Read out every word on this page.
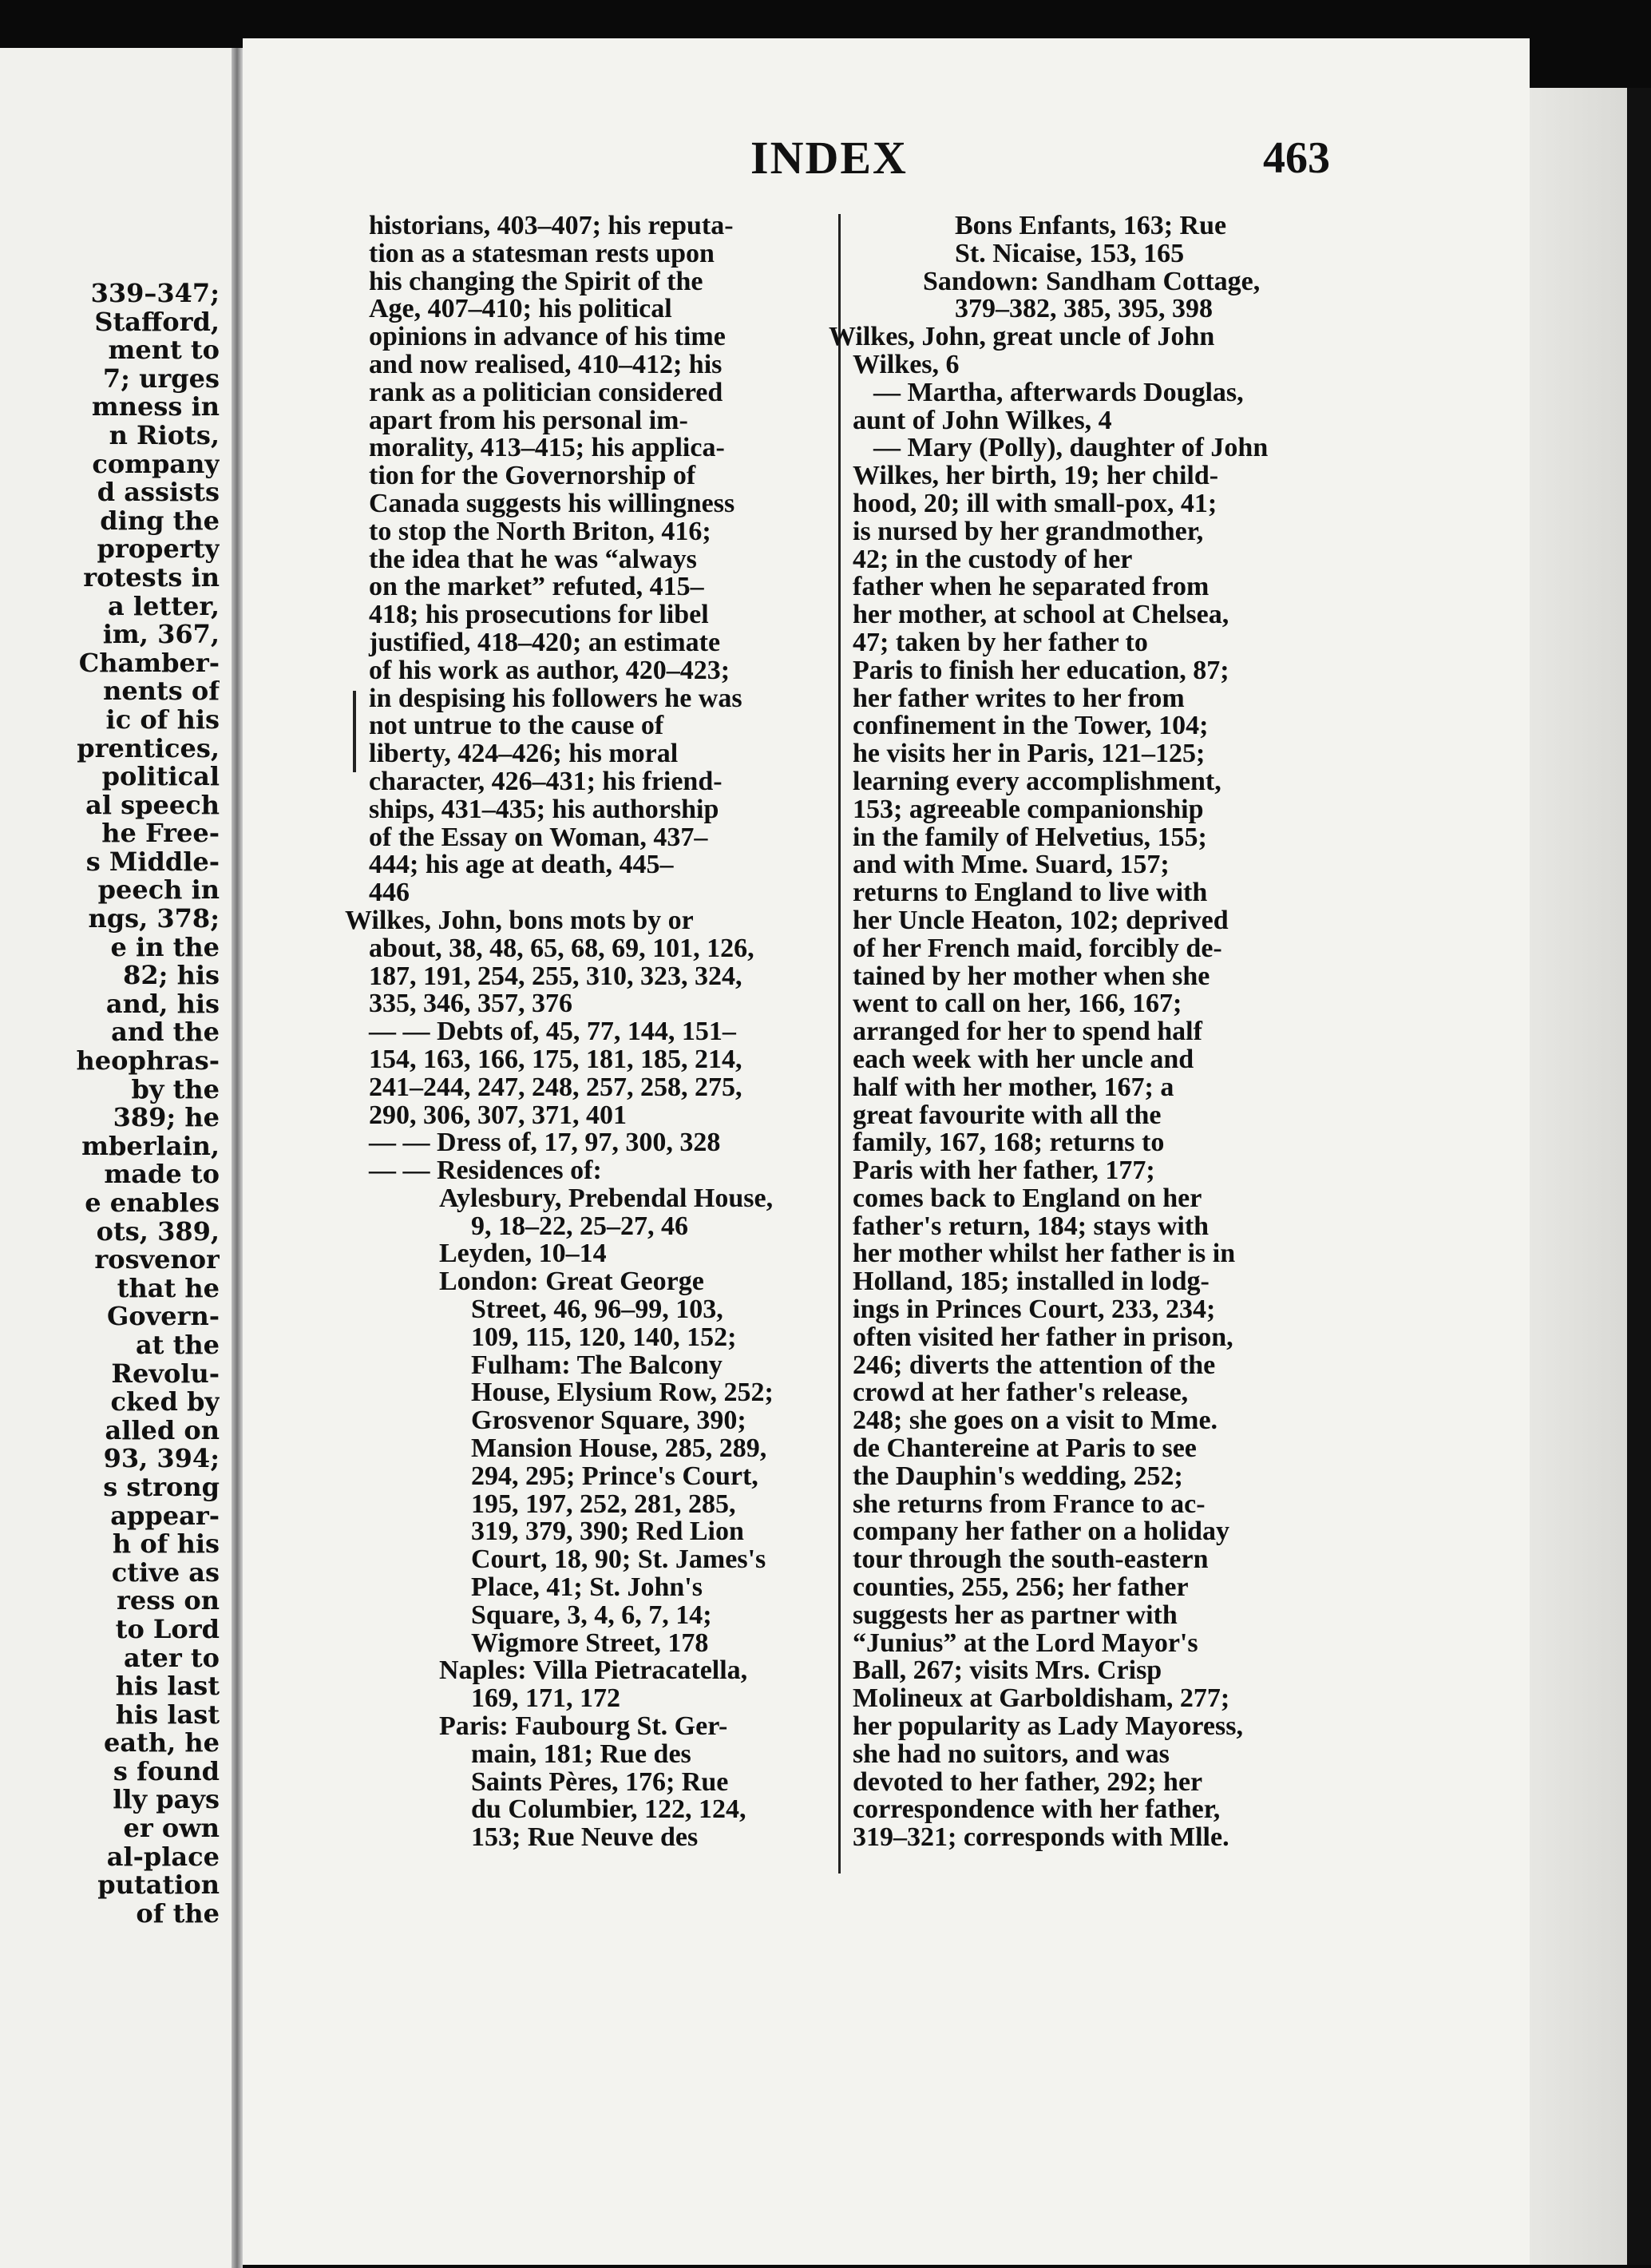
339–347;
Stafford,
ment to
7; urges
mness in
n Riots,
company
d assists
ding the
property
rotests in
a letter,
im, 367,
Chamber-
nents of
ic of his
prentices,
political
al speech
he Free-
s Middle-
peech in
ngs, 378;
e in the
82; his
and, his
and the
heophras-
by the
389; he
mberlain,
made to
e enables
ots, 389,
rosvenor
that he
Govern-
at the
Revolu-
cked by
alled on
93, 394;
s strong
appear-
h of his
ctive as
ress on
to Lord
ater to
his last
his last
eath, he
s found
lly pays
er own
al-place
putation
of the
INDEX	463
historians, 403–407; his reputa-
tion as a statesman rests upon
his changing the Spirit of the
Age, 407–410; his political
opinions in advance of his time
and now realised, 410–412; his
rank as a politician considered
apart from his personal im-
morality, 413–415; his applica-
tion for the Governorship of
Canada suggests his willingness
to stop the North Briton, 416;
the idea that he was “always
on the market” refuted, 415–
418; his prosecutions for libel
justified, 418–420; an estimate
of his work as author, 420–423;
in despising his followers he was
not untrue to the cause of
liberty, 424–426; his moral
character, 426–431; his friend-
ships, 431–435; his authorship
of the Essay on Woman, 437–
444; his age at death, 445–
446
Wilkes, John, bons mots by or
about, 38, 48, 65, 68, 69, 101, 126,
187, 191, 254, 255, 310, 323, 324,
335, 346, 357, 376
— — Debts of, 45, 77, 144, 151–
154, 163, 166, 175, 181, 185, 214,
241–244, 247, 248, 257, 258, 275,
290, 306, 307, 371, 401
— — Dress of, 17, 97, 300, 328
— — Residences of:
Aylesbury, Prebendal House,
9, 18–22, 25–27, 46
Leyden, 10–14
London: Great George
Street, 46, 96–99, 103,
109, 115, 120, 140, 152;
Fulham: The Balcony
House, Elysium Row, 252;
Grosvenor Square, 390;
Mansion House, 285, 289,
294, 295; Prince's Court,
195, 197, 252, 281, 285,
319, 379, 390; Red Lion
Court, 18, 90; St. James's
Place, 41; St. John's
Square, 3, 4, 6, 7, 14;
Wigmore Street, 178
Naples: Villa Pietracatella,
169, 171, 172
Paris: Faubourg St. Ger-
main, 181; Rue des
Saints Pères, 176; Rue
du Columbier, 122, 124,
153; Rue Neuve des
Bons Enfants, 163; Rue
St. Nicaise, 153, 165
Sandown: Sandham Cottage,
379–382, 385, 395, 398
Wilkes, John, great uncle of John
Wilkes, 6
— Martha, afterwards Douglas,
aunt of John Wilkes, 4
— Mary (Polly), daughter of John
Wilkes, her birth, 19; her child-
hood, 20; ill with small-pox, 41;
is nursed by her grandmother,
42; in the custody of her
father when he separated from
her mother, at school at Chelsea,
47; taken by her father to
Paris to finish her education, 87;
her father writes to her from
confinement in the Tower, 104;
he visits her in Paris, 121–125;
learning every accomplishment,
153; agreeable companionship
in the family of Helvetius, 155;
and with Mme. Suard, 157;
returns to England to live with
her Uncle Heaton, 102; deprived
of her French maid, forcibly de-
tained by her mother when she
went to call on her, 166, 167;
arranged for her to spend half
each week with her uncle and
half with her mother, 167; a
great favourite with all the
family, 167, 168; returns to
Paris with her father, 177;
comes back to England on her
father's return, 184; stays with
her mother whilst her father is in
Holland, 185; installed in lodg-
ings in Princes Court, 233, 234;
often visited her father in prison,
246; diverts the attention of the
crowd at her father's release,
248; she goes on a visit to Mme.
de Chantereine at Paris to see
the Dauphin's wedding, 252;
she returns from France to ac-
company her father on a holiday
tour through the south-eastern
counties, 255, 256; her father
suggests her as partner with
“Junius” at the Lord Mayor's
Ball, 267; visits Mrs. Crisp
Molineux at Garboldisham, 277;
her popularity as Lady Mayoress,
she had no suitors, and was
devoted to her father, 292; her
correspondence with her father,
319–321; corresponds with Mlle.
